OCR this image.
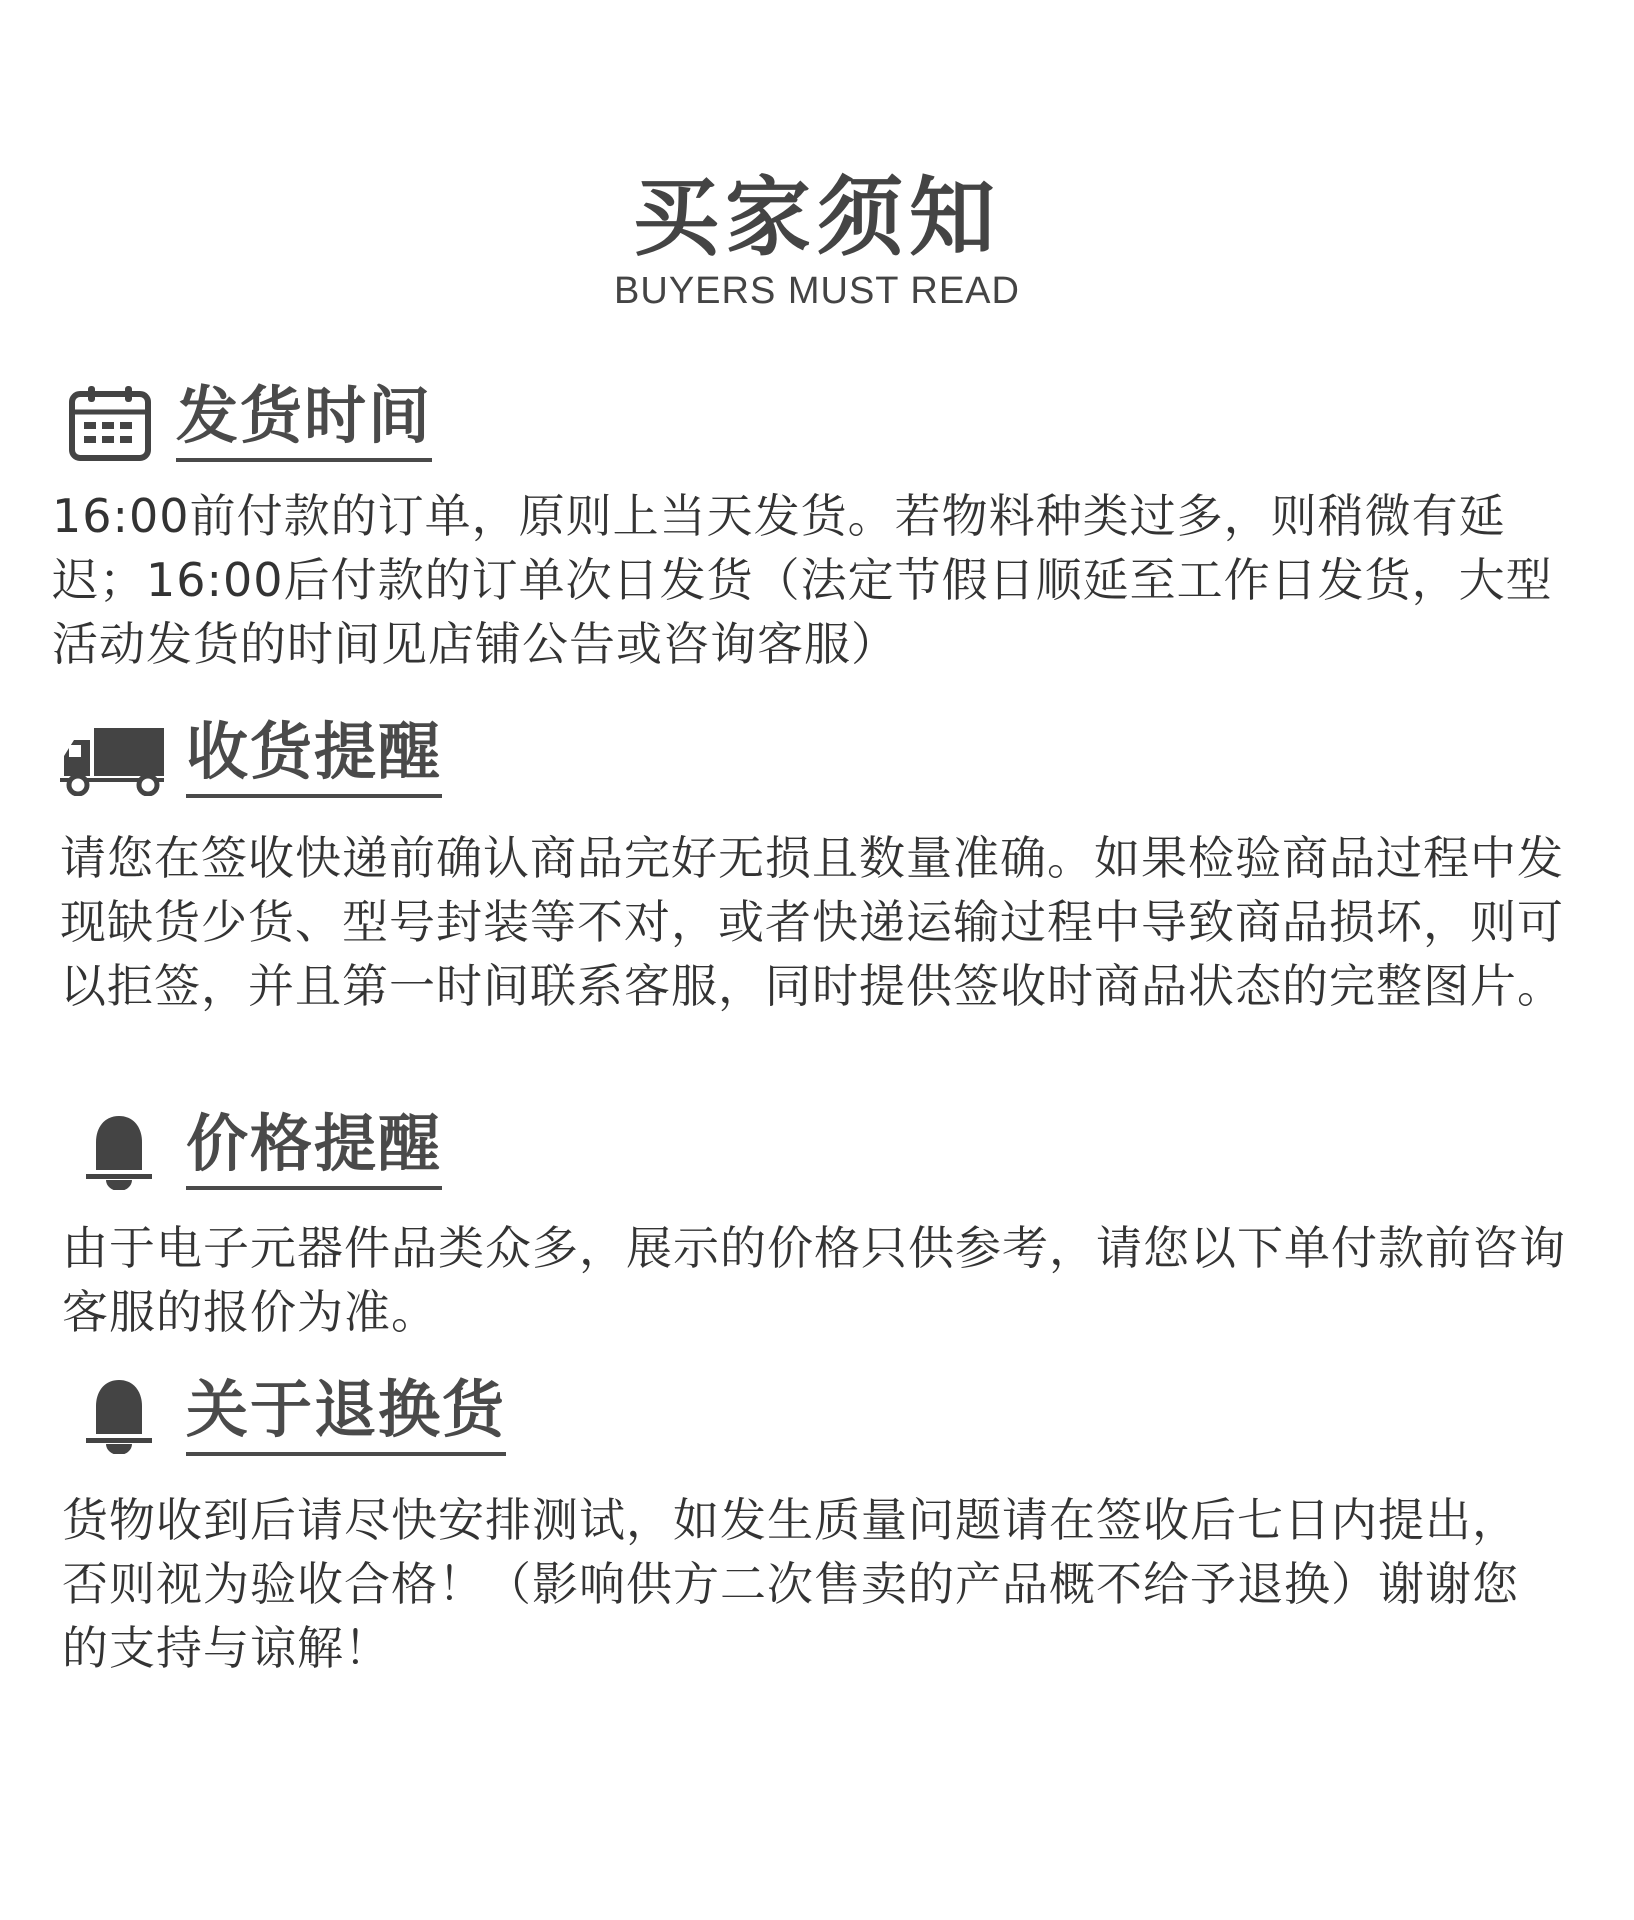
买家须知
BUYERS MUST READ
发货时间

16:00前付款的订单，原则上当天发货。若物料种类过多，则稍微有延迟；16:00后付款的订单次日发货（法定节假日顺延至工作日发货，大型活动发货的时间见店铺公告或咨询客服）

收货提醒

请您在签收快递前确认商品完好无损且数量准确。如果检验商品过程中发现缺货少货、型号封装等不对，或者快递运输过程中导致商品损坏，则可以拒签，并且第一时间联系客服，同时提供签收时商品状态的完整图片。

价格提醒

由于电子元器件品类众多，展示的价格只供参考，请您以下单付款前咨询客服的报价为准。

关于退换货

货物收到后请尽快安排测试，如发生质量问题请在签收后七日内提出，否则视为验收合格！（影响供方二次售卖的产品概不给予退换）谢谢您的支持与谅解！
